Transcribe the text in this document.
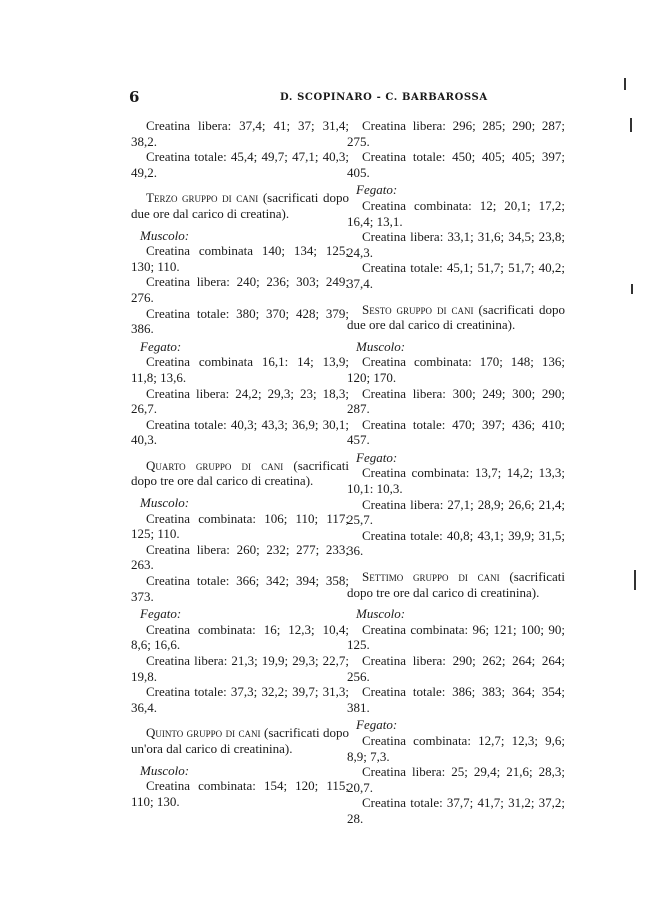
6	D. SCOPINARO - C. BARBAROSSA

Creatina libera: 37,4; 41; 37; 31,4; 38,2.

Creatina totale: 45,4; 49,7; 47,1; 40,3; 49,2.

Terzo gruppo di cani (sacrificati dopo due ore dal carico di creatina).

Muscolo:

Creatina combinata 140; 134; 125; 130; 110.

Creatina libera: 240; 236; 303; 249; 276.

Creatina totale: 380; 370; 428; 379; 386.

Fegato:

Creatina combinata 16,1: 14; 13,9; 11,8; 13,6.

Creatina libera: 24,2; 29,3; 23; 18,3; 26,7.

Creatina totale: 40,3; 43,3; 36,9; 30,1; 40,3.

Quarto gruppo di cani (sacrificati dopo tre ore dal carico di creatina).

Muscolo:

Creatina combinata: 106; 110; 117; 125; 110.

Creatina libera: 260; 232; 277; 233; 263.

Creatina totale: 366; 342; 394; 358; 373.

Fegato:

Creatina combinata: 16; 12,3; 10,4; 8,6; 16,6.

Creatina libera: 21,3; 19,9; 29,3; 22,7; 19,8.

Creatina totale: 37,3; 32,2; 39,7; 31,3; 36,4.

Quinto gruppo di cani (sacrificati dopo un'ora dal carico di creatinina).

Muscolo:

Creatina combinata: 154; 120; 115; 110; 130.

Creatina libera: 296; 285; 290; 287; 275.

Creatina totale: 450; 405; 405; 397; 405.

Fegato:

Creatina combinata: 12; 20,1; 17,2; 16,4; 13,1.

Creatina libera: 33,1; 31,6; 34,5; 23,8; 24,3.

Creatina totale: 45,1; 51,7; 51,7; 40,2; 37,4.

Sesto gruppo di cani (sacrificati dopo due ore dal carico di creatinina).

Muscolo:

Creatina combinata: 170; 148; 136; 120; 170.

Creatina libera: 300; 249; 300; 290; 287.

Creatina totale: 470; 397; 436; 410; 457.

Fegato:

Creatina combinata: 13,7; 14,2; 13,3; 10,1: 10,3.

Creatina libera: 27,1; 28,9; 26,6; 21,4; 25,7.

Creatina totale: 40,8; 43,1; 39,9; 31,5; 36.

Settimo gruppo di cani (sacrificati dopo tre ore dal carico di creatinina).

Muscolo:

Creatina combinata: 96; 121; 100; 90; 125.

Creatina libera: 290; 262; 264; 264; 256.

Creatina totale: 386; 383; 364; 354; 381.

Fegato:

Creatina combinata: 12,7; 12,3; 9,6; 8,9; 7,3.

Creatina libera: 25; 29,4; 21,6; 28,3; 20,7.

Creatina totale: 37,7; 41,7; 31,2; 37,2; 28.
